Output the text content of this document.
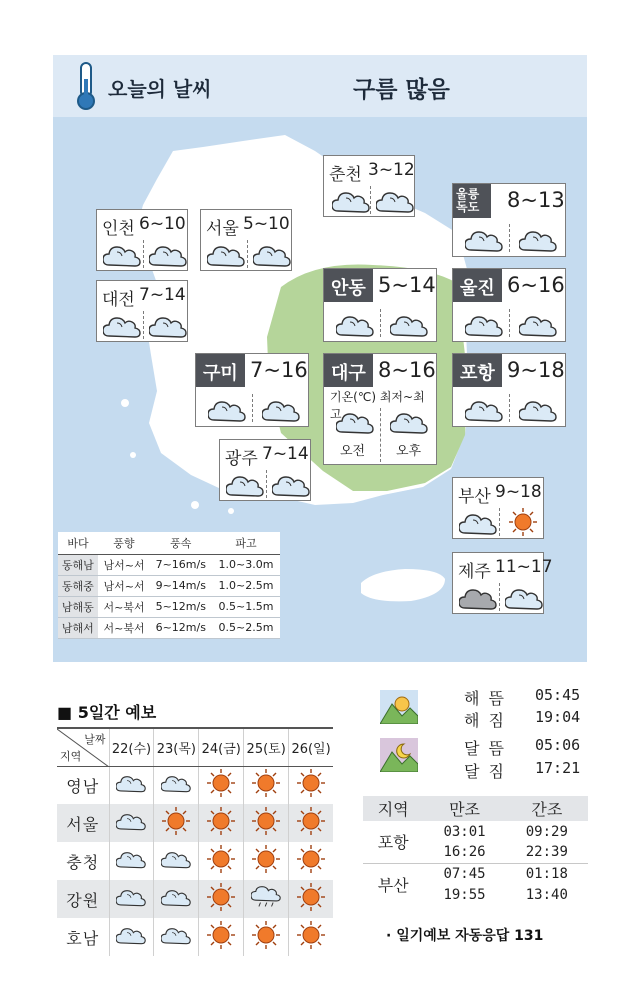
오늘의 날씨	구름 많음
춘천 3~12
울릉
독도	8~13
인천 6~10 서울 5~10
대전 7~14	안동 5~14	울진 6~16
구미 7~16	대구 8~16
기온(℃) 최저~최고
오전 오후
포항 9~18
광주 7~14
부산 9~18
제주 11~17
바다	풍향	풍속	파고
동해남	남서~서	7~16m/s	1.0~3.0m
동해중	남서~서	9~14m/s	1.0~2.5m
남해동	서~북서	5~12m/s	0.5~1.5m
남해서	서~북서	6~12m/s	0.5~2.5m
■ 5일간 예보
날짜
지역	22(수)	23(목)	24(금)	25(토)	26(일)
영남					
서울					
충청					
강원					
호남					
해 뜸 05:45
해 짐 19:04
달 뜸 05:06
달 짐 17:21
지역	만조	간조
포항	03:01	09:29
	16:26	22:39
부산	07:45	01:18
	19:55	13:40
· 일기예보 자동응답 131
